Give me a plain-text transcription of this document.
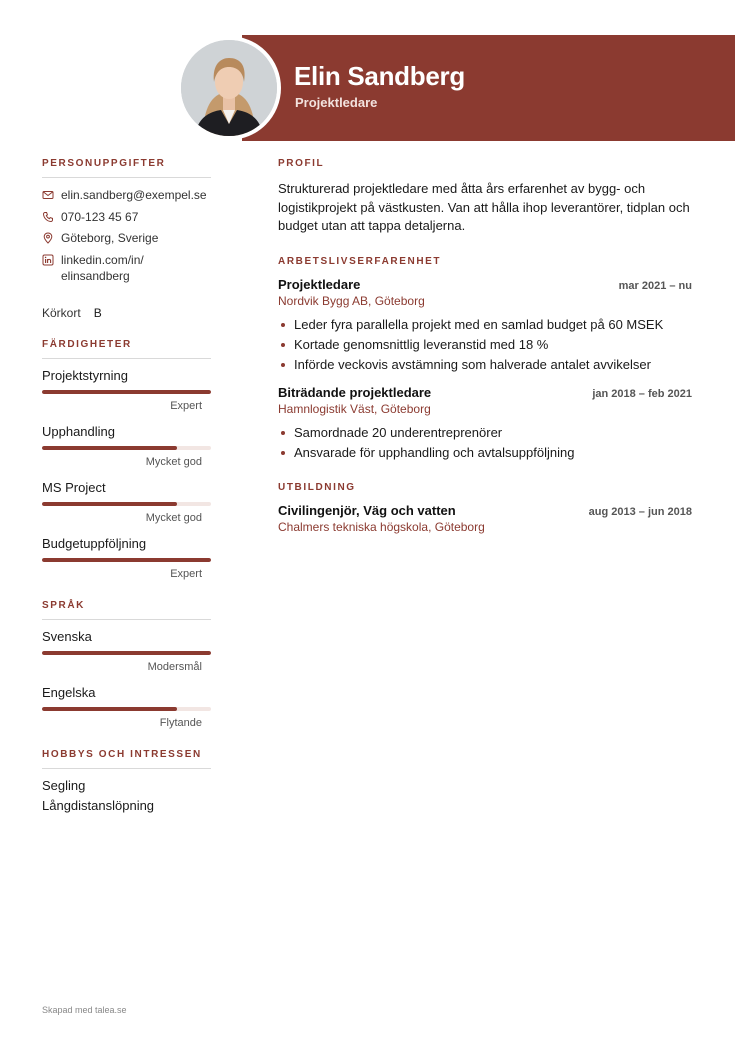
Elin Sandberg
Projektledare
PERSONUPPGIFTER
elin.sandberg@exempel.se
070-123 45 67
Göteborg, Sverige
linkedin.com/in/
elinsandberg
Körkort B
FÄRDIGHETER
Projektstyrning
Expert
Upphandling
Mycket god
MS Project
Mycket god
Budgetuppföljning
Expert
SPRÅK
Svenska
Modersmål
Engelska
Flytande
HOBBYS OCH INTRESSEN
Segling
Långdistanslöpning
PROFIL

Strukturerad projektledare med åtta års erfarenhet av bygg- och logistikprojekt på västkusten. Van att hålla ihop leverantörer, tidplan och budget utan att tappa detaljerna.

ARBETSLIVSERFARENHET
Projektledare	mar 2021 – nu
Nordvik Bygg AB, Göteborg
Leder fyra parallella projekt med en samlad budget på 60 MSEK
Kortade genomsnittlig leveranstid med 18 %
Införde veckovis avstämning som halverade antalet avvikelser
Biträdande projektledare	jan 2018 – feb 2021
Hamnlogistik Väst, Göteborg
Samordnade 20 underentreprenörer
Ansvarade för upphandling och avtalsuppföljning
UTBILDNING
Civilingenjör, Väg och vatten	aug 2013 – jun 2018
Chalmers tekniska högskola, Göteborg
Skapad med talea.se
